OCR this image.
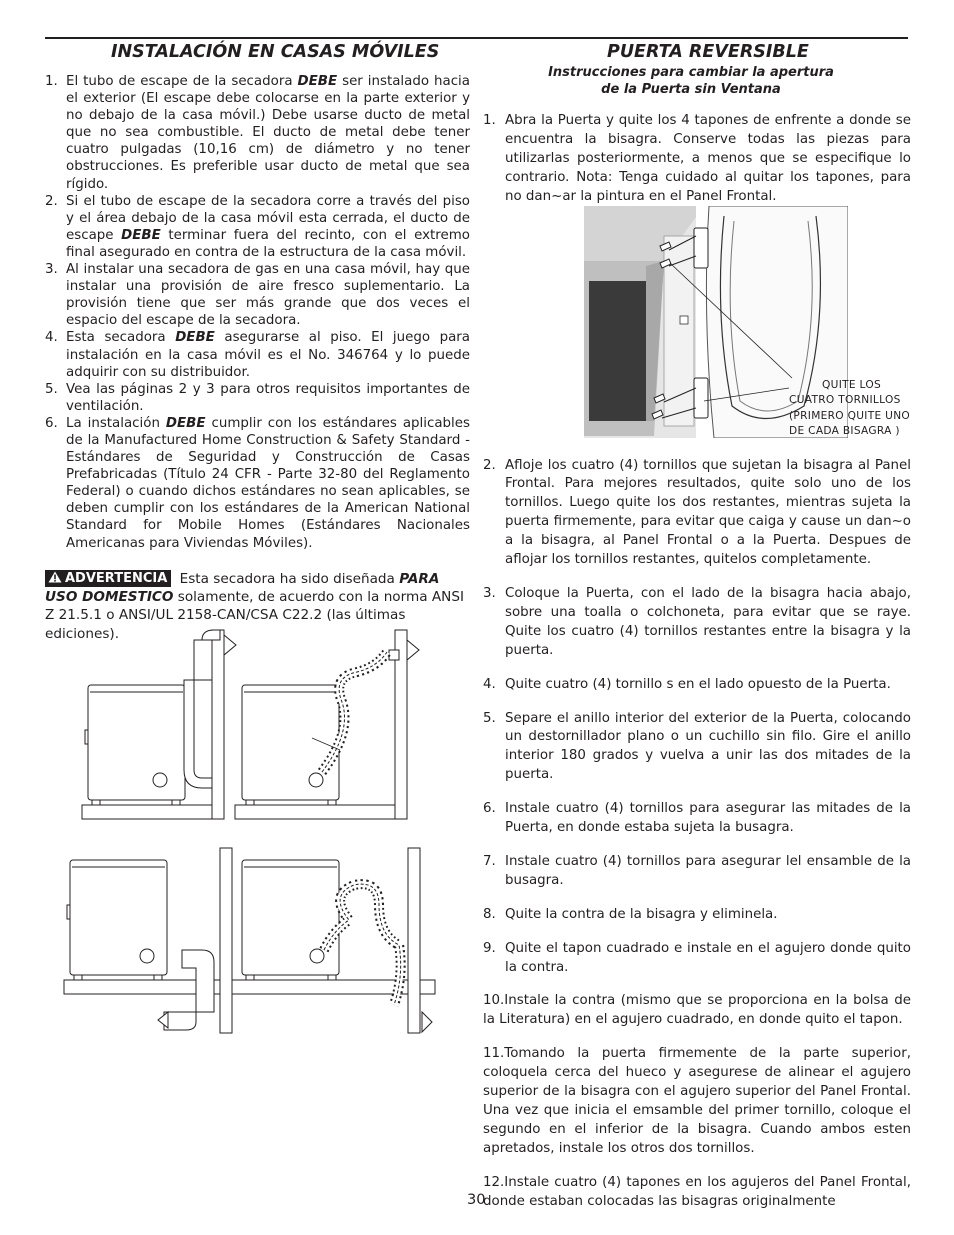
INSTALACIÓN EN CASAS MÓVILES
1. El tubo de escape de la secadora DEBE ser instalado hacia el exterior (El escape debe colocarse en la parte exterior y no debajo de la casa móvil.) Debe usarse ducto de metal que no sea combustible. El ducto de metal debe tener cuatro pulgadas (10,16 cm) de diámetro y no tener obstrucciones. Es preferible usar ducto de metal que sea rígido.
2. Si el tubo de escape de la secadora corre a través del piso y el área debajo de la casa móvil esta cerrada, el ducto de escape DEBE terminar fuera del recinto, con el extremo final asegurado en contra de la estructura de la casa móvil.
3. Al instalar una secadora de gas en una casa móvil, hay que instalar una provisión de aire fresco suplementario. La provisión tiene que ser más grande que dos veces el espacio del escape de la secadora.
4. Esta secadora DEBE asegurarse al piso. El juego para instalación en la casa móvil es el No. 346764 y lo puede adquirir con su distribuidor.
5. Vea las páginas 2 y 3 para otros requisitos importantes de ventilación.
6. La instalación DEBE cumplir con los estándares aplicables de la Manufactured Home Construction & Safety Standard - Estándares de Seguridad y Construcción de Casas Prefabricadas (Título 24 CFR - Parte 32-80 del Reglamento Federal) o cuando dichos estándares no sean aplicables, se deben cumplir con los estándares de la American National Standard for Mobile Homes (Estándares Nacionales Americanas para Viviendas Móviles).
ADVERTENCIA Esta secadora ha sido diseñada PARA USO DOMESTICO solamente, de acuerdo con la norma ANSI Z 21.5.1 o ANSI/UL 2158-CAN/CSA C22.2 (las últimas ediciones).
PUERTA REVERSIBLE
Instrucciones para cambiar la apertura
de la Puerta sin Ventana
1. Abra la Puerta y quite los 4 tapones de enfrente a donde se encuentra la bisagra. Conserve todas las piezas para utilizarlas posteriormente, a menos que se especifique lo contrario. Nota: Tenga cuidado al quitar los tapones, para no dan~ar la pintura en el Panel Frontal.
2. Afloje los cuatro (4) tornillos que sujetan la bisagra al Panel Frontal. Para mejores resultados, quite solo uno de los tornillos. Luego quite los dos restantes, mientras sujeta la puerta firmemente, para evitar que caiga y cause un dan~o a la bisagra, al Panel Frontal o a la Puerta. Despues de aflojar los tornillos restantes, quitelos completamente.
3. Coloque la Puerta, con el lado de la bisagra hacia abajo, sobre una toalla o colchoneta, para evitar que se raye. Quite los cuatro (4) tornillos restantes entre la bisagra y la puerta.
4. Quite cuatro (4) tornillo s en el lado opuesto de la Puerta.
5. Separe el anillo interior del exterior de la Puerta, colocando un destornillador plano o un cuchillo sin filo. Gire el anillo interior 180 grados y vuelva a unir las dos mitades de la puerta.
6. Instale cuatro (4) tornillos para asegurar las mitades de la Puerta, en donde estaba sujeta la busagra.
7. Instale cuatro (4) tornillos para asegurar lel ensamble de la busagra.
8. Quite la contra de la bisagra y eliminela.
9. Quite el tapon cuadrado e instale en el agujero donde quito la contra.
10.Instale la contra (mismo que se proporciona en la bolsa de la Literatura) en el agujero cuadrado, en donde quito el tapon.
11.Tomando la puerta firmemente de la parte superior, coloquela cerca del hueco y asegurese de alinear el agujero superior de la bisagra con el agujero superior del Panel Frontal. Una vez que inicia el emsamble del primer tornillo, coloque el segundo en el inferior de la bisagra. Cuando ambos esten apretados, instale los otros dos tornillos.
12.Instale cuatro (4) tapones en los agujeros del Panel Frontal, donde estaban colocadas las bisagras originalmente
QUITE LOS
CUATRO TORNILLOS
(PRIMERO QUITE UNO
DE CADA BISAGRA )
30
